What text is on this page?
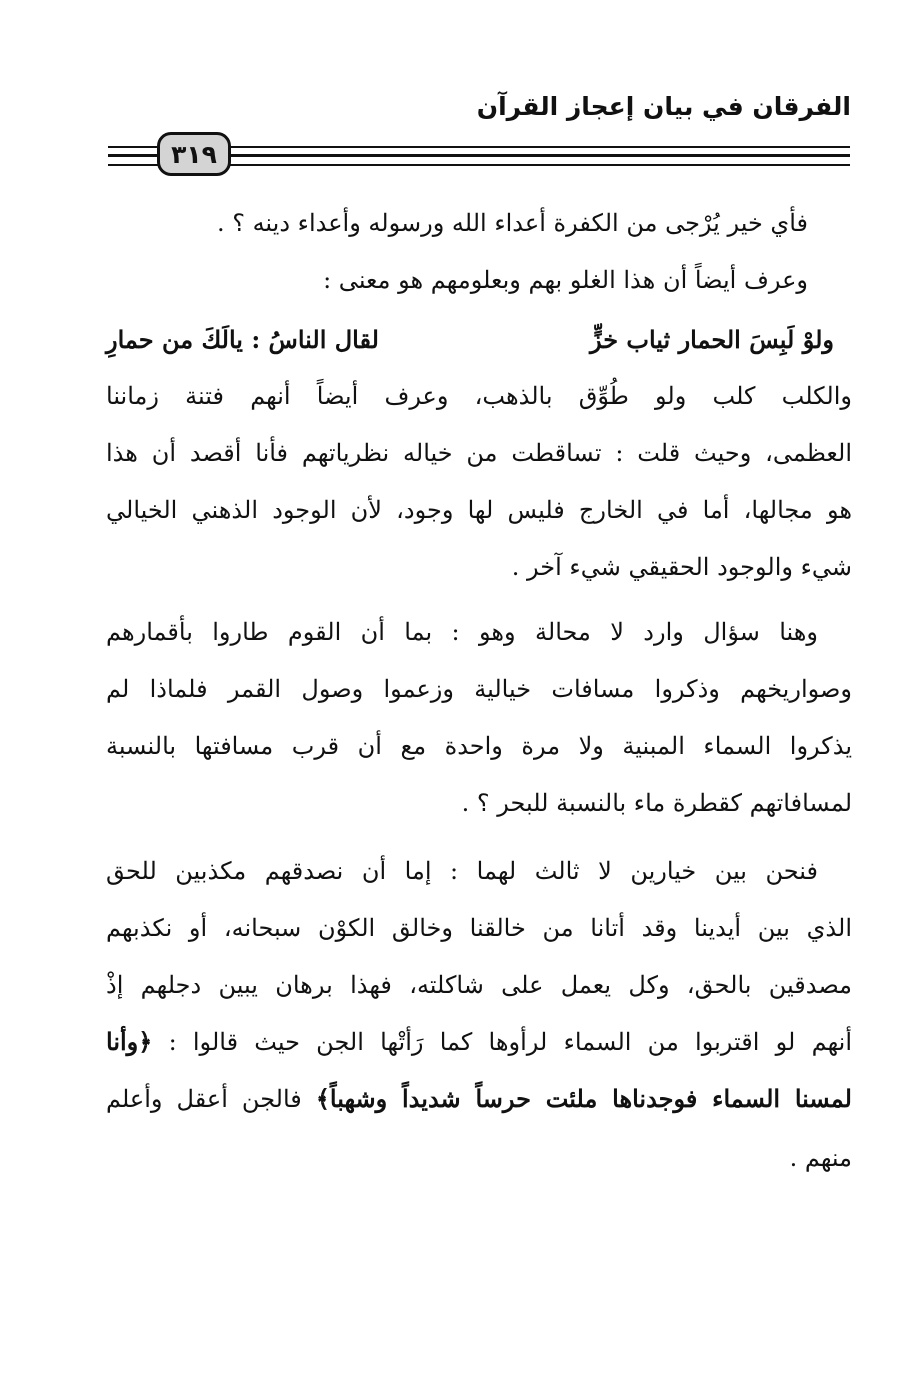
الفرقان في بيان إعجاز القرآن
٣١٩
فأي خير يُرْجى من الكفرة أعداء الله ورسوله وأعداء دينه ؟ .
وعرف أيضاً أن هذا الغلو بهم وبعلومهم هو معنى :
ولوْ لَبِسَ الحمار ثياب خزٍّ
لقال الناسُ : يالَكَ من حمارِ
والكلب كلب ولو طُوِّق بالذهب، وعرف أيضاً أنهم فتنة زماننا
العظمى، وحيث قلت : تساقطت من خياله نظرياتهم فأنا أقصد أن هذا
هو مجالها، أما في الخارج فليس لها وجود، لأن الوجود الذهني الخيالي
شيء والوجود الحقيقي شيء آخر .
وهنا سؤال وارد لا محالة وهو : بما أن القوم طاروا بأقمارهم
وصواريخهم وذكروا مسافات خيالية وزعموا وصول القمر فلماذا لم
يذكروا السماء المبنية ولا مرة واحدة مع أن قرب مسافتها بالنسبة
لمسافاتهم كقطرة ماء بالنسبة للبحر ؟ .
فنحن بين خيارين لا ثالث لهما : إما أن نصدقهم مكذبين للحق
الذي بين أيدينا وقد أتانا من خالقنا وخالق الكوْن سبحانه، أو نكذبهم
مصدقين بالحق، وكل يعمل على شاكلته، فهذا برهان يبين دجلهم إذْ
أنهم لو اقتربوا من السماء لرأوها كما رَأتْها الجن حيث قالوا : ﴿وأنا
لمسنا السماء فوجدناها ملئت حرساً شديداً وشهباً﴾ فالجن أعقل وأعلم
منهم .
